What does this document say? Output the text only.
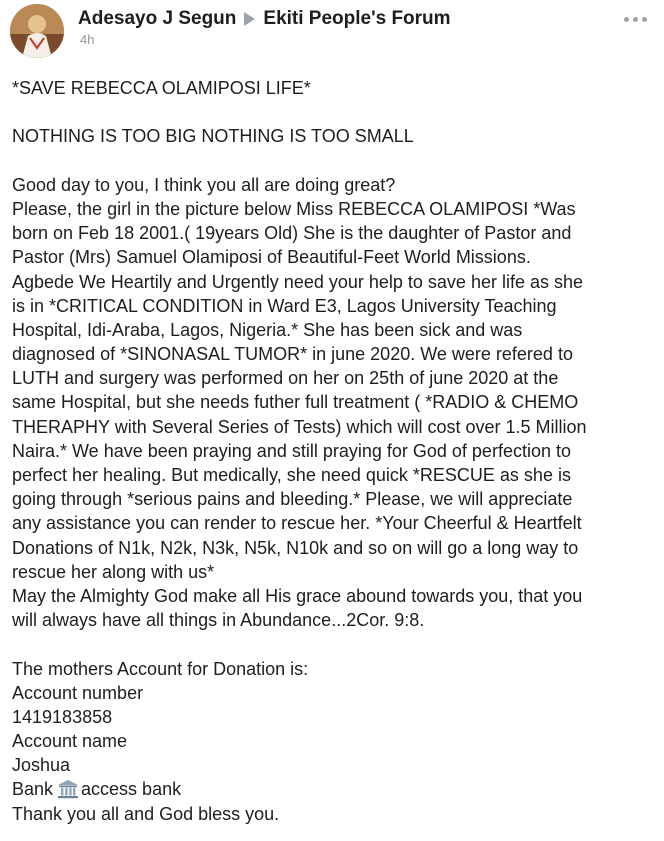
Adesayo J Segun Ekiti People's Forum
4h
*SAVE REBECCA OLAMIPOSI LIFE*
NOTHING IS TOO BIG NOTHING IS TOO SMALL
Good day to you, I think you all are doing great?
Please, the girl in the picture below Miss REBECCA OLAMIPOSI *Was
born on Feb 18 2001.( 19years Old) She is the daughter of Pastor and
Pastor (Mrs) Samuel Olamiposi of Beautiful-Feet World Missions.
Agbede We Heartily and Urgently need your help to save her life as she
is in *CRITICAL CONDITION in Ward E3, Lagos University Teaching
Hospital, Idi-Araba, Lagos, Nigeria.* She has been sick and was
diagnosed of *SINONASAL TUMOR* in june 2020. We were refered to
LUTH and surgery was performed on her on 25th of june 2020 at the
same Hospital, but she needs futher full treatment ( *RADIO & CHEMO
THERAPHY with Several Series of Tests) which will cost over 1.5 Million
Naira.* We have been praying and still praying for God of perfection to
perfect her healing. But medically, she need quick *RESCUE as she is
going through *serious pains and bleeding.* Please, we will appreciate
any assistance you can render to rescue her. *Your Cheerful & Heartfelt
Donations of N1k, N2k, N3k, N5k, N10k and so on will go a long way to
rescue her along with us*
May the Almighty God make all His grace abound towards you, that you
will always have all things in Abundance...2Cor. 9:8.
The mothers Account for Donation is:
Account number
1419183858
Account name
Joshua
Bank access bank
Thank you all and God bless you.
